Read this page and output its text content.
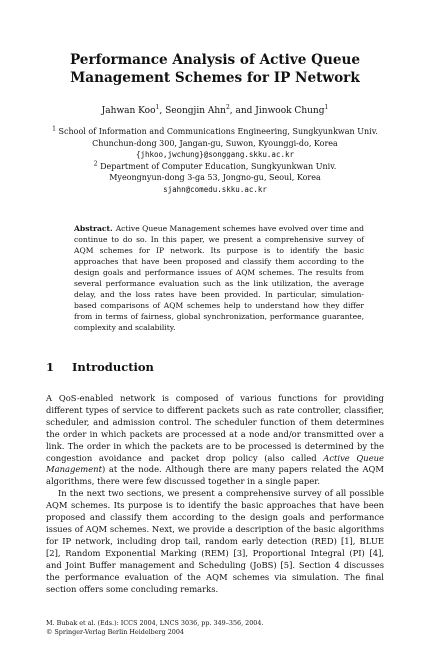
Performance Analysis of Active Queue
Management Schemes for IP Network
Jahwan Koo$^1$, Seongjin Ahn$^2$, and Jinwook Chung$^1$
$^1$ School of Information and Communications Engineering, Sungkyunkwan Univ.
Chunchun-dong 300, Jangan-gu, Suwon, Kyounggi-do, Korea
{jhkoo,jwchung}@songgang.skku.ac.kr
$^2$ Department of Computer Education, Sungkyunkwan Univ.
Myeongnyun-dong 3-ga 53, Jongno-gu, Seoul, Korea
sjahn@comedu.skku.ac.kr
Abstract. Active Queue Management schemes have evolved over time and continue to do so. In this paper, we present a comprehensive survey of AQM schemes for IP network. Its purpose is to identify the basic approaches that have been proposed and classify them according to the design goals and performance issues of AQM schemes. The results from several performance evaluation such as the link utilization, the average delay, and the loss rates have been provided. In particular, simulation-based comparisons of AQM schemes help to understand how they differ from in terms of fairness, global synchronization, performance guarantee, complexity and scalability.
1 Introduction

A QoS-enabled network is composed of various functions for providing different types of service to different packets such as rate controller, classifier, scheduler, and admission control. The scheduler function of them determines the order in which packets are processed at a node and/or transmitted over a link. The order in which the packets are to be processed is determined by the congestion avoidance and packet drop policy (also called Active Queue Management) at the node. Although there are many papers related the AQM algorithms, there were few discussed together in a single paper.

In the next two sections, we present a comprehensive survey of all possible AQM schemes. Its purpose is to identify the basic approaches that have been proposed and classify them according to the design goals and performance issues of AQM schemes. Next, we provide a description of the basic algorithms for IP network, including drop tail, random early detection (RED) [1], BLUE [2], Random Exponential Marking (REM) [3], Proportional Integral (PI) [4], and Joint Buffer management and Scheduling (JoBS) [5]. Section 4 discusses the performance evaluation of the AQM schemes via simulation. The final section offers some concluding remarks.

M. Bubak et al. (Eds.): ICCS 2004, LNCS 3036, pp. 349–356, 2004.
© Springer-Verlag Berlin Heidelberg 2004
